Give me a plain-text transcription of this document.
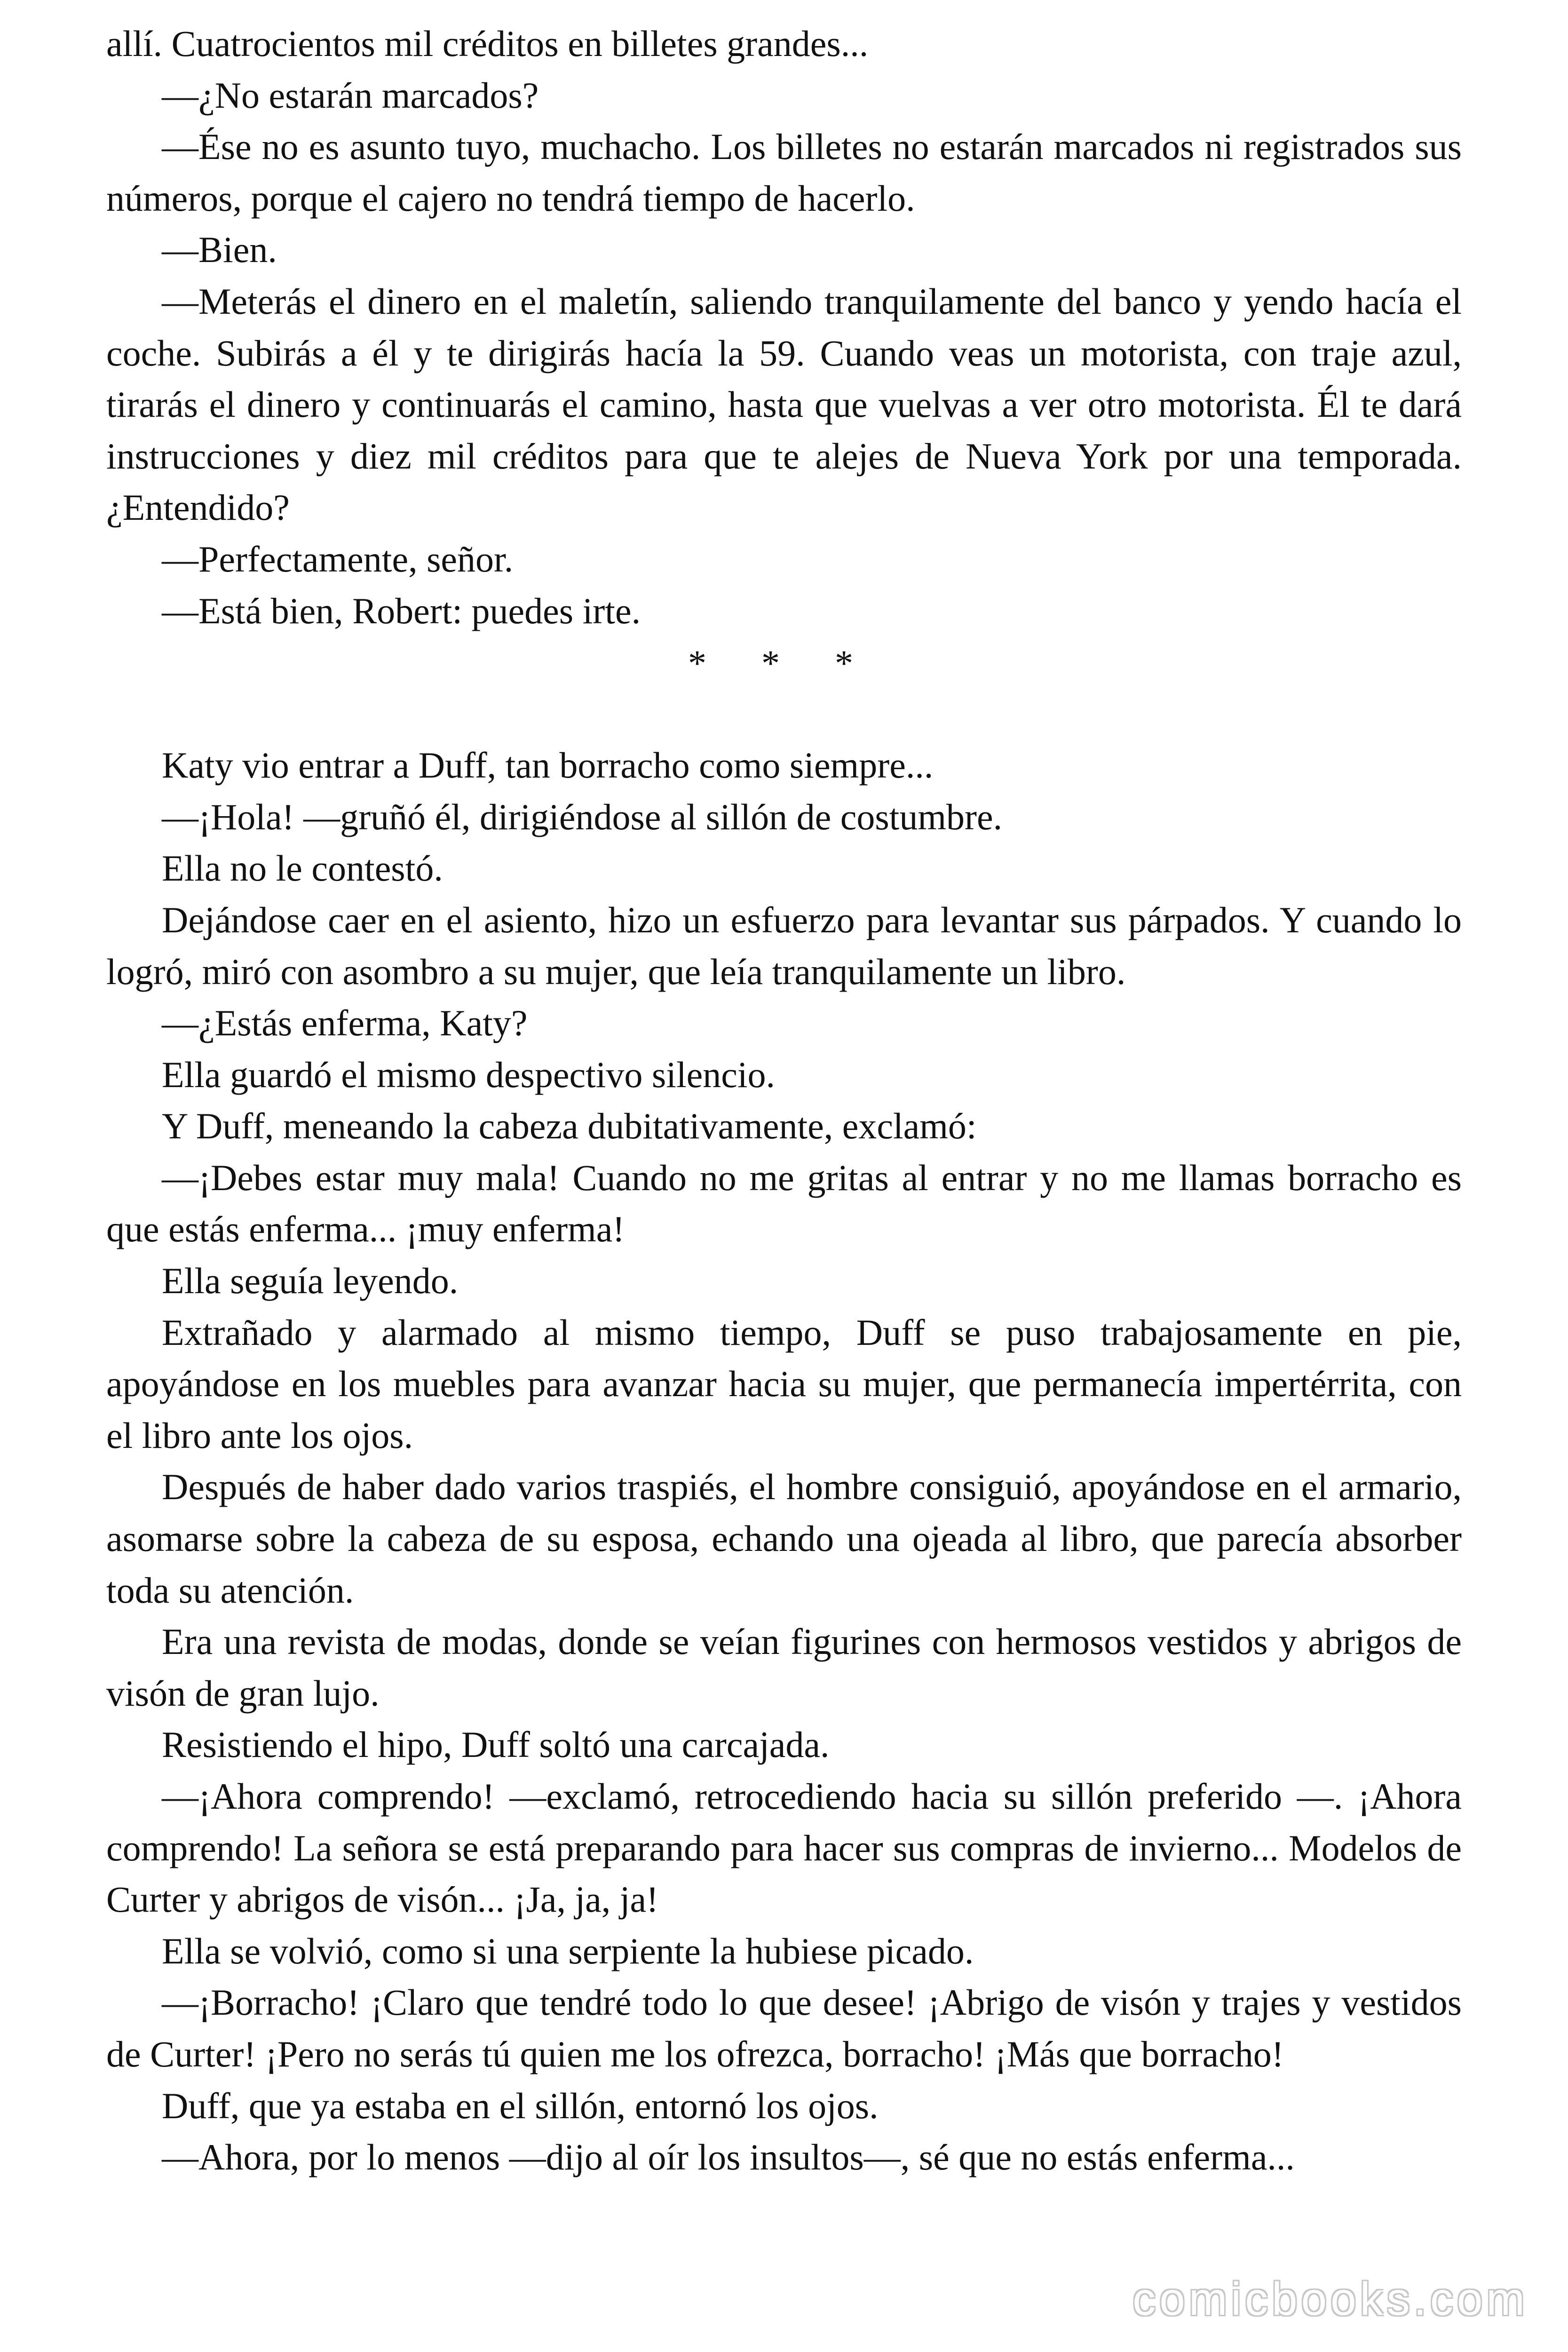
allí. Cuatrocientos mil créditos en billetes grandes...

—¿No estarán marcados?

—Ése no es asunto tuyo, muchacho. Los billetes no estarán marcados ni registrados sus números, porque el cajero no tendrá tiempo de hacerlo.

—Bien.

—Meterás el dinero en el maletín, saliendo tranquilamente del banco y yendo hacía el coche. Subirás a él y te dirigirás hacía la 59. Cuando veas un motorista, con traje azul, tirarás el dinero y continuarás el camino, hasta que vuelvas a ver otro motorista. Él te dará instrucciones y diez mil créditos para que te alejes de Nueva York por una temporada. ¿Entendido?

—Perfectamente, señor.

—Está bien, Robert: puedes irte.

*      *      *

Katy vio entrar a Duff, tan borracho como siempre...

—¡Hola! —gruñó él, dirigiéndose al sillón de costumbre.

Ella no le contestó.

Dejándose caer en el asiento, hizo un esfuerzo para levantar sus párpados. Y cuando lo logró, miró con asombro a su mujer, que leía tranquilamente un libro.

—¿Estás enferma, Katy?

Ella guardó el mismo despectivo silencio.

Y Duff, meneando la cabeza dubitativamente, exclamó:

—¡Debes estar muy mala! Cuando no me gritas al entrar y no me llamas borracho es que estás enferma... ¡muy enferma!

Ella seguía leyendo.

Extrañado y alarmado al mismo tiempo, Duff se puso trabajosamente en pie, apoyándose en los muebles para avanzar hacia su mujer, que permanecía impertérrita, con el libro ante los ojos.

Después de haber dado varios traspiés, el hombre consiguió, apoyándose en el armario, asomarse sobre la cabeza de su esposa, echando una ojeada al libro, que parecía absorber toda su atención.

Era una revista de modas, donde se veían figurines con hermosos vestidos y abrigos de visón de gran lujo.

Resistiendo el hipo, Duff soltó una carcajada.

—¡Ahora comprendo! —exclamó, retrocediendo hacia su sillón preferido —. ¡Ahora comprendo! La señora se está preparando para hacer sus compras de invierno... Modelos de Curter y abrigos de visón... ¡Ja, ja, ja!

Ella se volvió, como si una serpiente la hubiese picado.

—¡Borracho! ¡Claro que tendré todo lo que desee! ¡Abrigo de visón y trajes y vestidos de Curter! ¡Pero no serás tú quien me los ofrezca, borracho! ¡Más que borracho!

Duff, que ya estaba en el sillón, entornó los ojos.

—Ahora, por lo menos —dijo al oír los insultos—, sé que no estás enferma...

comicbooks.com
